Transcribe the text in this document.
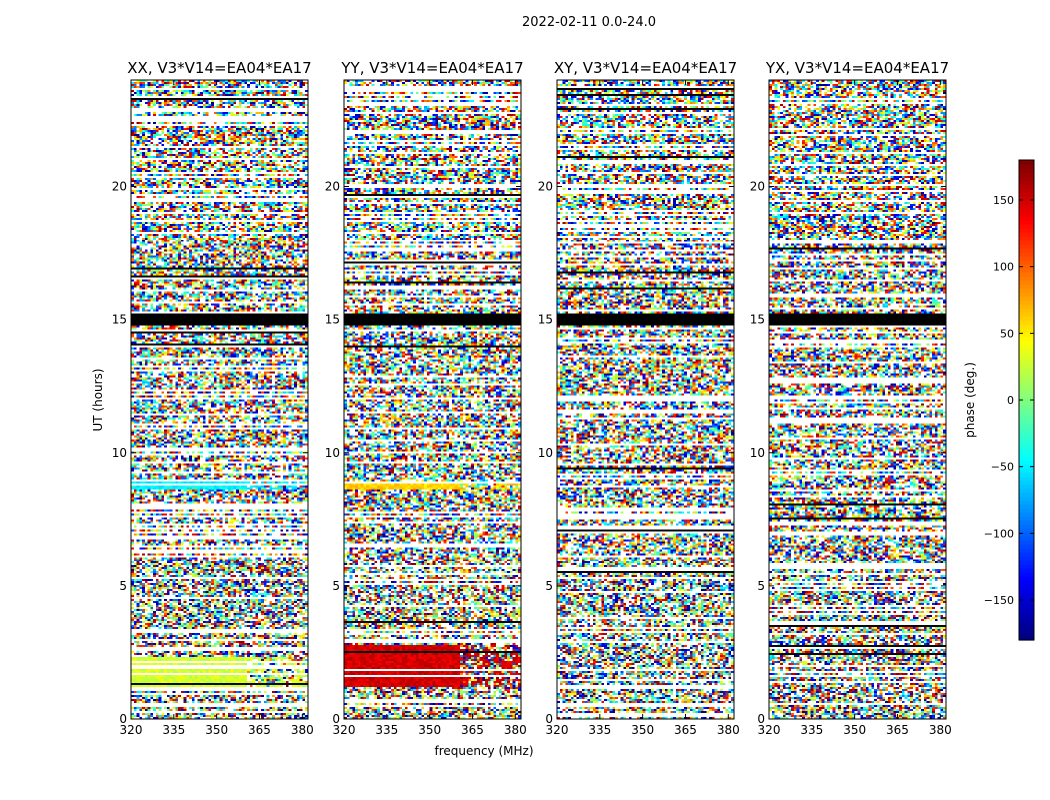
2022-02-11 0.0-24.0
XX, V3*V14=EA04*EA17
320 335 350 365 380
0
5
10
15
20
YY, V3*V14=EA04*EA17
320 335 350 365 380
0
5
10
15
20
XY, V3*V14=EA04*EA17
320 335 350 365 380
0
5
10
15
20
YX, V3*V14=EA04*EA17
320 335 350 365 380
0
5
10
15
20
frequency (MHz)
UT (hours)
−150
−100
−50
0
50
100
150
phase (deg.)
